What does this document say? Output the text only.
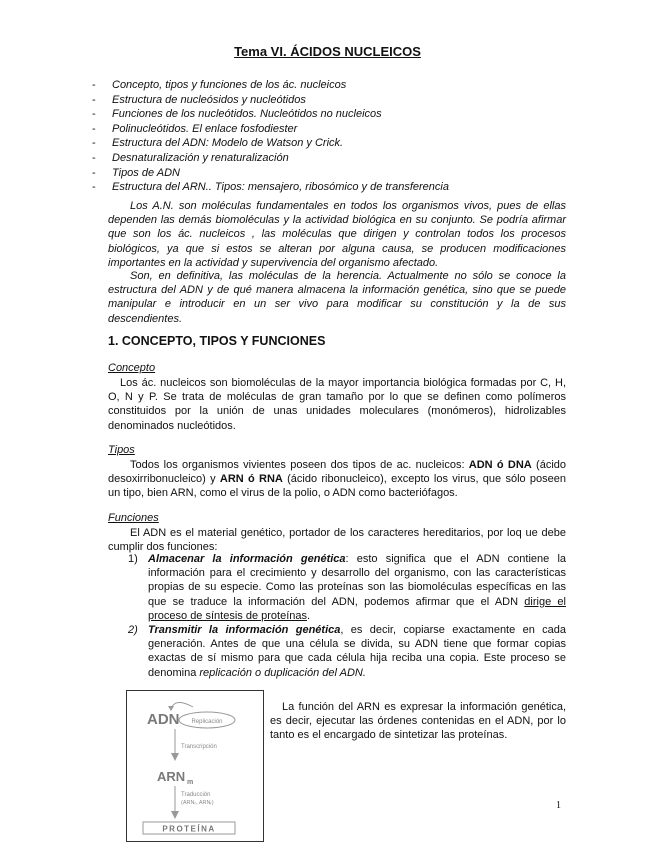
Tema VI. ÁCIDOS NUCLEICOS
- Concepto, tipos y funciones de los ác. nucleicos
- Estructura de nucleósidos y nucleótidos
- Funciones de los nucleótidos. Nucleótidos no nucleicos
- Polinucleótidos. El enlace fosfodiester
- Estructura del ADN: Modelo de Watson y Crick.
- Desnaturalización y renaturalización
- Tipos de ADN
- Estructura del ARN.. Tipos: mensajero, ribosómico y de transferencia
Los A.N. son moléculas fundamentales en todos los organismos vivos, pues de ellas dependen las demás biomoléculas y la actividad biológica en su conjunto. Se podría afirmar que son los ác. nucleicos , las moléculas que dirigen y controlan todos los procesos biológicos, ya que si estos se alteran por alguna causa, se producen modificaciones importantes en la actividad y supervivencia del organismo afectado.
Son, en definitiva, las moléculas de la herencia. Actualmente no sólo se conoce la estructura del ADN y de qué manera almacena la información genética, sino que se puede manipular e introducir en un ser vivo para modificar su constitución y la de sus descendientes.
1. CONCEPTO, TIPOS Y FUNCIONES
Concepto
Los ác. nucleicos son biomoléculas de la mayor importancia biológica formadas por C, H, O, N y P. Se trata de moléculas de gran tamaño por lo que se definen como polímeros constituidos por la unión de unas unidades moleculares (monómeros), hidrolizables denominados nucleótidos.
Tipos
Todos los organismos vivientes poseen dos tipos de ac. nucleicos: ADN ó DNA (ácido desoxirribonucleico) y ARN ó RNA (ácido ribonucleico), excepto los virus, que sólo poseen un tipo, bien ARN, como el virus de la polio, o ADN como bacteriófagos.
Funciones
El ADN es el material genético, portador de los caracteres hereditarios, por loq ue debe cumplir dos funciones:
1) Almacenar la información genética: esto significa que el ADN contiene la información para el crecimiento y desarrollo del organismo, con las características propias de su especie. Como las proteínas son las biomoléculas específicas en las que se traduce la información del ADN, podemos afirmar que el ADN dirige el proceso de síntesis de proteínas.
2) Transmitir la información genética, es decir, copiarse exactamente en cada generación. Antes de que una célula se divida, su ADN tiene que formar copias exactas de sí mismo para que cada célula hija reciba una copia. Este proceso se denomina replicación o duplicación del ADN.
ADN Replicación
Transcripción
ARN m
Traducción
(ARNₜ, ARNᵣ)
PROTEÍNA
La función del ARN es expresar la información genética, es decir, ejecutar las órdenes contenidas en el ADN, por lo tanto es el encargado de sintetizar las proteínas.
1
